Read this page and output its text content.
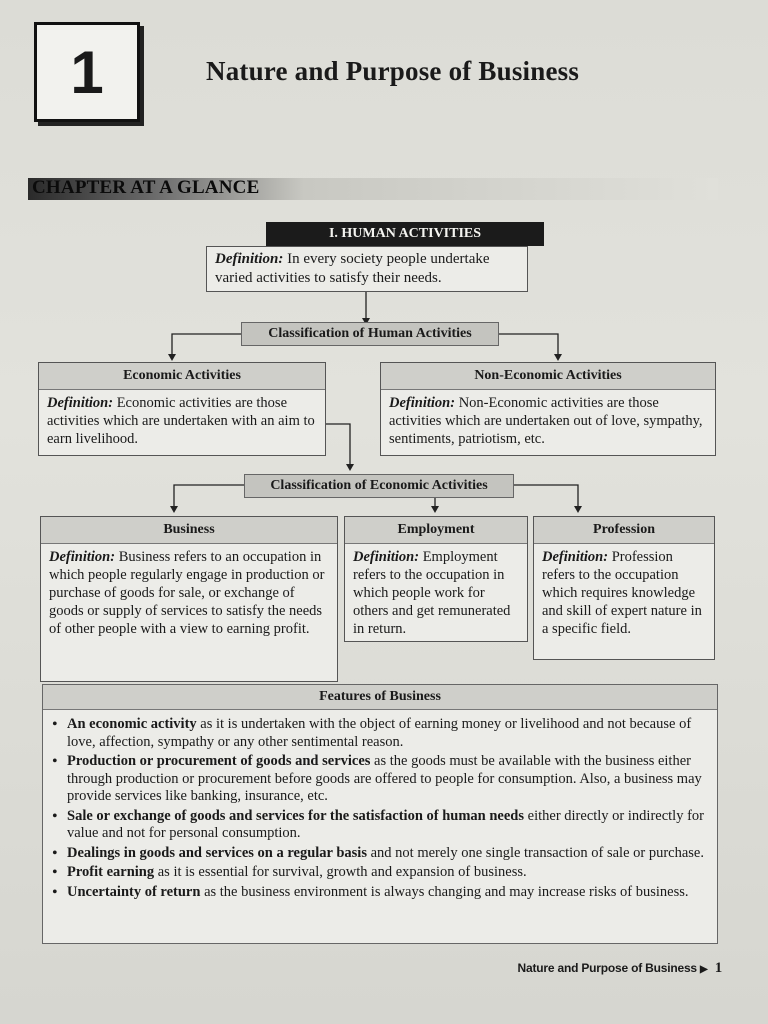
1	Nature and Purpose of Business
CHAPTER AT A GLANCE
I. HUMAN ACTIVITIES
Definition: In every society people undertake varied activities to satisfy their needs.
Classification of Human Activities
Economic Activities
Definition: Economic activities are those activities which are undertaken with an aim to earn livelihood.
Non-Economic Activities
Definition: Non-Economic activities are those activities which are undertaken out of love, sympathy, sentiments, patriotism, etc.
Classification of Economic Activities
Business
Definition: Business refers to an occupation in which people regularly engage in production or purchase of goods for sale, or exchange of goods or supply of services to satisfy the needs of other people with a view to earning profit.
Employment
Definition: Employment refers to the occupation in which people work for others and get remunerated in return.
Profession
Definition: Profession refers to the occupation which requires knowledge and skill of expert nature in a specific field.
Features of Business
• An economic activity as it is undertaken with the object of earning money or livelihood and not because of love, affection, sympathy or any other sentimental reason.
• Production or procurement of goods and services as the goods must be available with the business either through production or procurement before goods are offered to people for consumption. Also, a business may provide services like banking, insurance, etc.
• Sale or exchange of goods and services for the satisfaction of human needs either directly or indirectly for value and not for personal consumption.
• Dealings in goods and services on a regular basis and not merely one single transaction of sale or purchase.
• Profit earning as it is essential for survival, growth and expansion of business.
• Uncertainty of return as the business environment is always changing and may increase risks of business.
Nature and Purpose of Business ▶ 1
